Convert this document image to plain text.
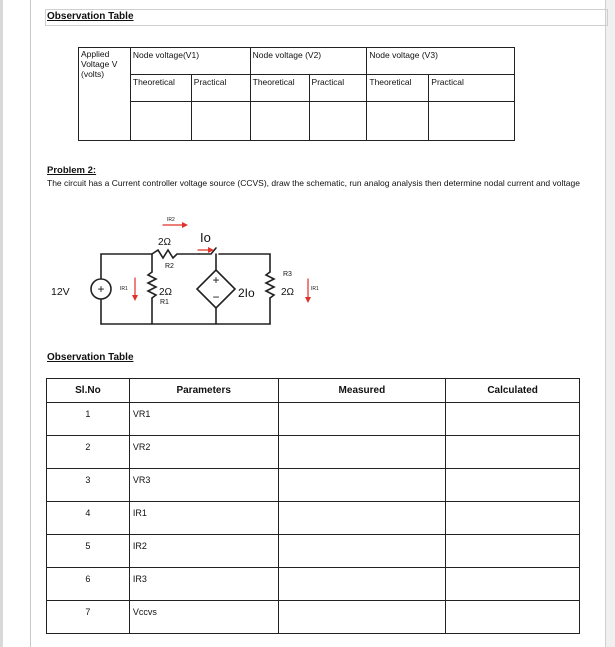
Observation Table
Applied
Voltage V
(volts)	Node voltage(V1)		Node voltage (V2)		Node voltage (V3)	
	Theoretical	Practical	Theoretical	Practical	Theoretical	Practical

Problem 2:
The circuit has a Current controller voltage source (CCVS), draw the schematic, run analog analysis then determine nodal current and voltage
+
12V
+
− 2Io
IR1	2Ω
R1
IR2
2Ω
R2
Io
R3
2Ω	IR1
Observation Table
Sl.No	Parameters	Measured	Calculated
1	VR1		
2	VR2		
3	VR3		
4	IR1		
5	IR2		
6	IR3		
7	Vccvs		
